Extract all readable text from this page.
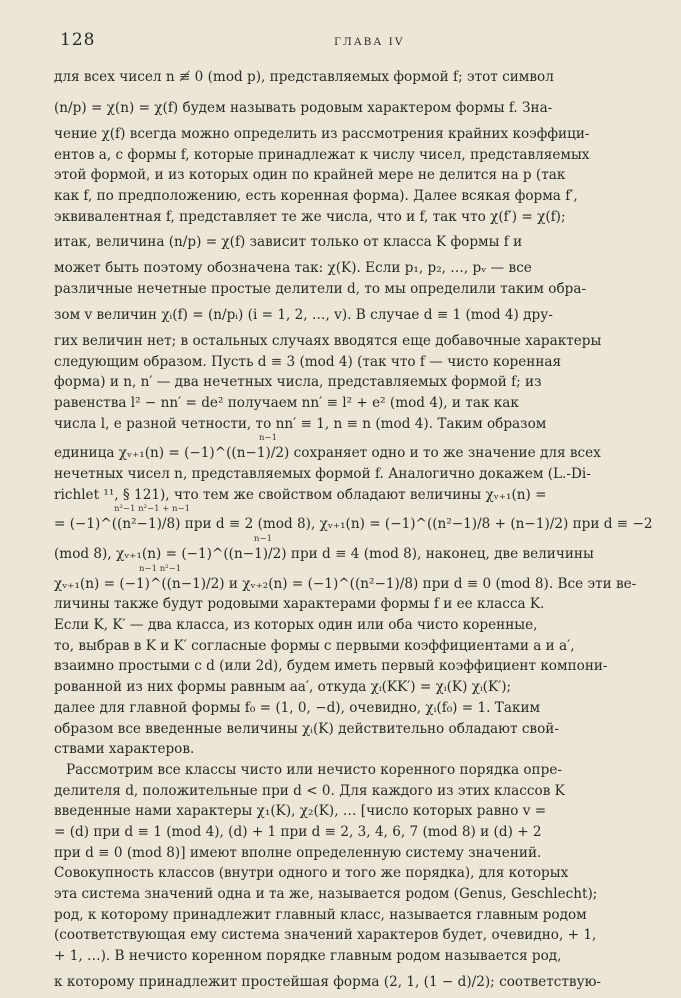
128	ГЛАВА IV
для всех чисел n ≢ 0 (mod p), представляемых формой f; этот символ
(n/p) = χ(n) = χ(f) будем называть родовым характером формы f. Зна-
чение χ(f) всегда можно определить из рассмотрения крайних коэффици-
ентов a, c формы f, которые принадлежат к числу чисел, представляемых
этой формой, и из которых один по крайней мере не делится на p (так
как f, по предположению, есть коренная форма). Далее всякая форма f′,
эквивалентная f, представляет те же числа, что и f, так что χ(f′) = χ(f);
итак, величина (n/p) = χ(f) зависит только от класса K формы f и
может быть поэтому обозначена так: χ(K). Если p₁, p₂, …, pᵥ — все
различные нечетные простые делители d, то мы определили таким обра-
зом v величин χᵢ(f) = (n/pᵢ) (i = 1, 2, …, v). В случае d ≡ 1 (mod 4) дру-
гих величин нет; в остальных случаях вводятся еще добавочные характеры
следующим образом. Пусть d ≡ 3 (mod 4) (так что f — чисто коренная
форма) и n, n′ — два нечетных числа, представляемых формой f; из
равенства l² − nn′ = de² получаем nn′ ≡ l² + e² (mod 4), и так как
числа l, e разной четности, то nn′ ≡ 1, n ≡ n (mod 4). Таким образом
n−1
единица χᵥ₊₁(n) = (−1)^((n−1)/2) сохраняет одно и то же значение для всех
нечетных чисел n, представляемых формой f. Аналогично докажем (L.-Di-
richlet ¹¹, § 121), что тем же свойством обладают величины χᵥ₊₁(n) =
n²−1 n²−1 + n−1
= (−1)^((n²−1)/8) при d ≡ 2 (mod 8), χᵥ₊₁(n) = (−1)^((n²−1)/8 + (n−1)/2) при d ≡ −2
n−1
(mod 8), χᵥ₊₁(n) = (−1)^((n−1)/2) при d ≡ 4 (mod 8), наконец, две величины
n−1 n²−1
χᵥ₊₁(n) = (−1)^((n−1)/2) и χᵥ₊₂(n) = (−1)^((n²−1)/8) при d ≡ 0 (mod 8). Все эти ве-
личины также будут родовыми характерами формы f и ее класса K.
Если K, K′ — два класса, из которых один или оба чисто коренные,
то, выбрав в K и K′ согласные формы с первыми коэффициентами a и a′,
взаимно простыми с d (или 2d), будем иметь первый коэффициент компони-
рованной из них формы равным aa′, откуда χᵢ(KK′) = χᵢ(K) χᵢ(K′);
далее для главной формы f₀ = (1, 0, −d), очевидно, χᵢ(f₀) = 1. Таким
образом все введенные величины χᵢ(K) действительно обладают свой-
ствами характеров.
Рассмотрим все классы чисто или нечисто коренного порядка опре-
делителя d, положительные при d < 0. Для каждого из этих классов K
введенные нами характеры χ₁(K), χ₂(K), … [число которых равно v =
= (d) при d ≡ 1 (mod 4), (d) + 1 при d ≡ 2, 3, 4, 6, 7 (mod 8) и (d) + 2
при d ≡ 0 (mod 8)] имеют вполне определенную систему значений.
Совокупность классов (внутри одного и того же порядка), для которых
эта система значений одна и та же, называется родом (Genus, Geschlecht);
род, к которому принадлежит главный класс, называется главным родом
(соответствующая ему система значений характеров будет, очевидно, + 1,
+ 1, …). В нечисто коренном порядке главным родом называется род,
к которому принадлежит простейшая форма (2, 1, (1 − d)/2); соответствую-
